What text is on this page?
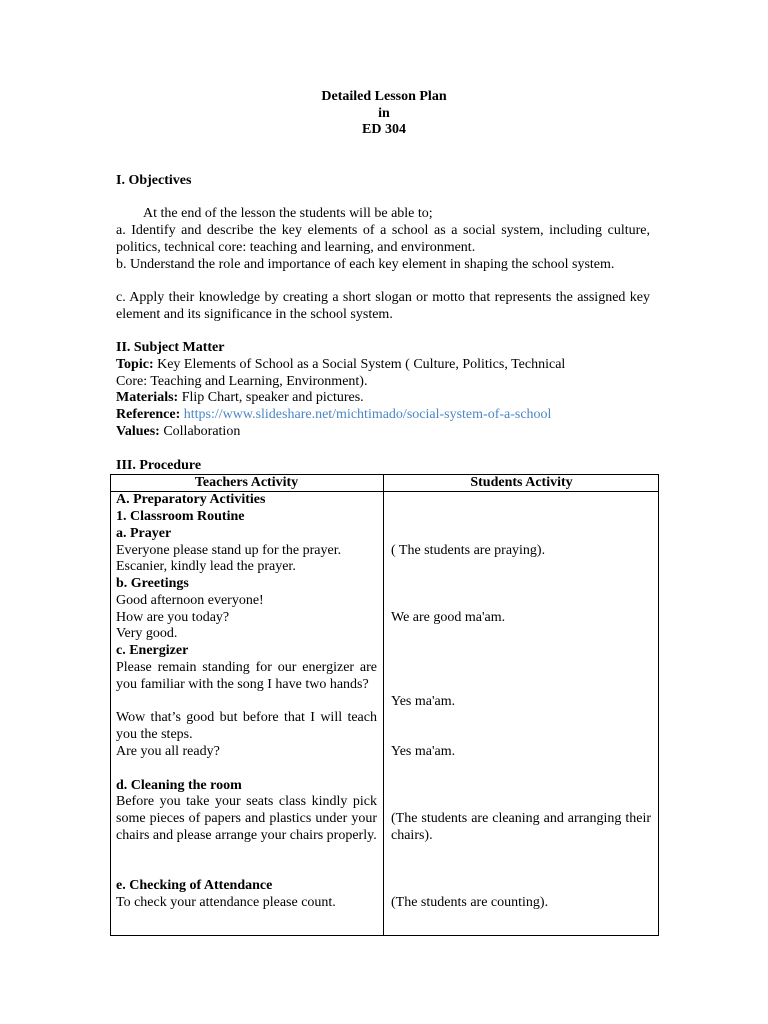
Detailed Lesson Plan
in
ED 304
I. Objectives
At the end of the lesson the students will be able to;
a. Identify and describe the key elements of a school as a social system, including culture, politics, technical core: teaching and learning, and environment.
b. Understand the role and importance of each key element in shaping the school system.
c. Apply their knowledge by creating a short slogan or motto that represents the assigned key element and its significance in the school system.
II. Subject Matter
Topic: Key Elements of School as a Social System ( Culture, Politics, Technical
Core: Teaching and Learning, Environment).
Materials: Flip Chart, speaker and pictures.
Reference: https://www.slideshare.net/michtimado/social-system-of-a-school
Values: Collaboration
III. Procedure
Teachers Activity	Students Activity
A. Preparatory Activities
1. Classroom Routine
a. Prayer
Everyone please stand up for the prayer.
Escanier, kindly lead the prayer.
b. Greetings
Good afternoon everyone!
How are you today?
Very good.
c. Energizer
Please remain standing for our energizer are you familiar with the song I have two hands?
Wow that’s good but before that I will teach you the steps.
Are you all ready?
d. Cleaning the room
Before you take your seats class kindly pick some pieces of papers and plastics under your chairs and please arrange your chairs properly.
e. Checking of Attendance
To check your attendance please count.
( The students are praying).
We are good ma'am.
Yes ma'am.
Yes ma'am.
(The students are cleaning and arranging their chairs).
(The students are counting).
